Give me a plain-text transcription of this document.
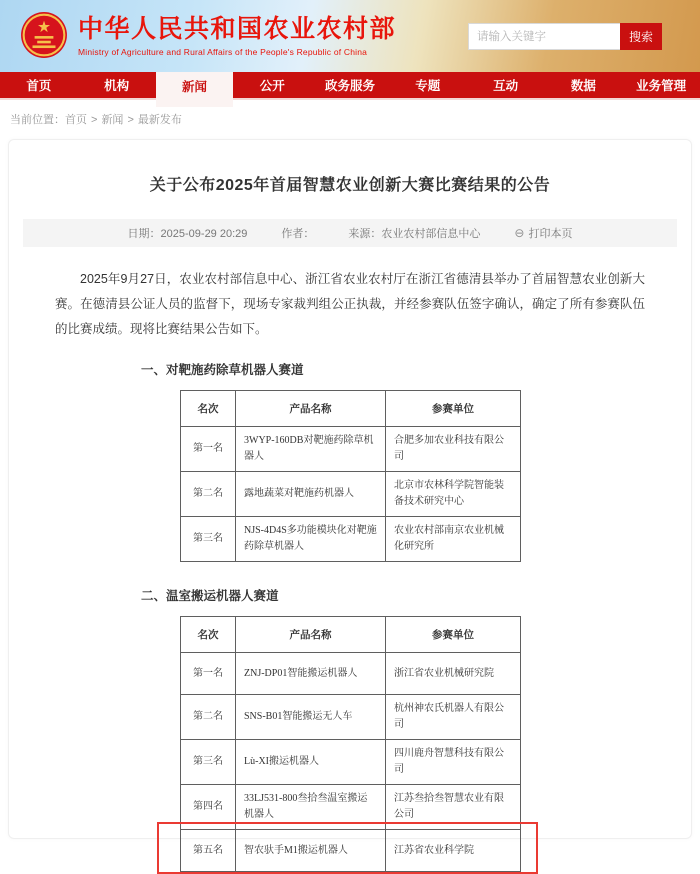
★ 中华人民共和国农业农村部
Ministry of Agriculture and Rural Affairs of the People's Republic of China
请输入关键字
搜索
首页	机构	新闻	公开	政务服务	专题	互动	数据	业务管理
当前位置：首页 > 新闻 > 最新发布
关于公布2025年首届智慧农业创新大赛比赛结果的公告
日期：2025-09-29 20:29	作者：	来源：农业农村部信息中心	⊖ 打印本页

2025年9月27日，农业农村部信息中心、浙江省农业农村厅在浙江省德清县举办了首届智慧农业创新大赛。在德清县公证人员的监督下，现场专家裁判组公正执裁，并经参赛队伍签字确认，确定了所有参赛队伍的比赛成绩。现将比赛结果公告如下。

一、对靶施药除草机器人赛道
名次	产品名称	参赛单位
第一名	3WYP-160DB对靶施药除草机器人	合肥多加农业科技有限公司
第二名	露地蔬菜对靶施药机器人	北京市农林科学院智能装备技术研究中心
第三名	NJS-4D4S多功能模块化对靶施药除草机器人	农业农村部南京农业机械化研究所
二、温室搬运机器人赛道
名次	产品名称	参赛单位
第一名	ZNJ-DP01智能搬运机器人	浙江省农业机械研究院
第二名	SNS-B01智能搬运无人车	杭州神农氏机器人有限公司
第三名	Lù-XI搬运机器人	四川鹿舟智慧科技有限公司
第四名	33LJ531-800叁拾叁温室搬运机器人	江苏叁拾叁智慧农业有限公司
第五名	智农驮手M1搬运机器人	江苏省农业科学院
